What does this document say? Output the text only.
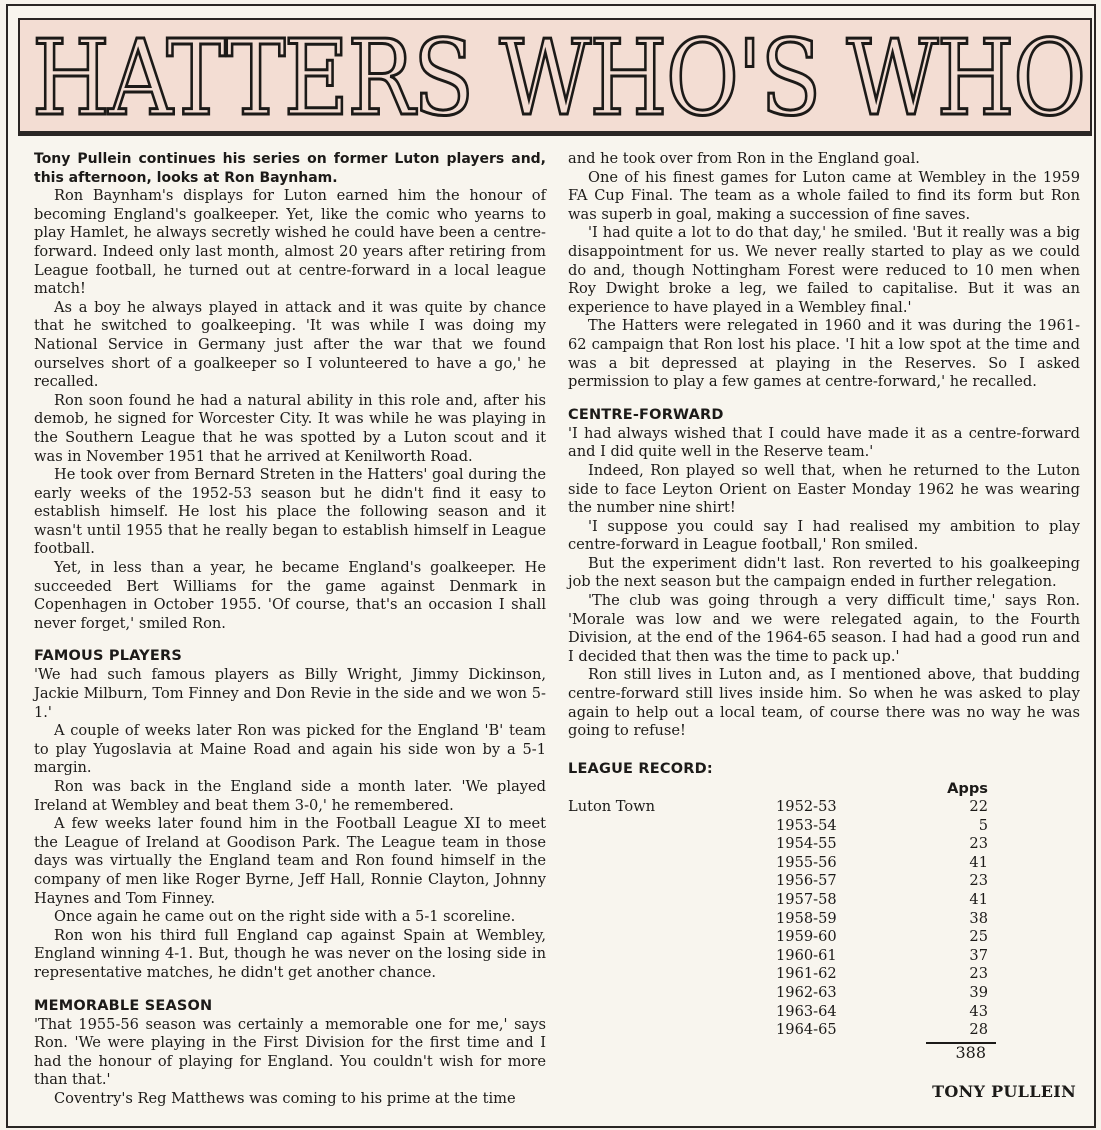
HATTERS WHO'S WHO

Tony Pullein continues his series on former Luton players and, this afternoon, looks at Ron Baynham.

Ron Baynham's displays for Luton earned him the honour of becoming England's goalkeeper. Yet, like the comic who yearns to play Hamlet, he always secretly wished he could have been a centre-forward. Indeed only last month, almost 20 years after retiring from League football, he turned out at centre-forward in a local league match!

As a boy he always played in attack and it was quite by chance that he switched to goalkeeping. 'It was while I was doing my National Service in Germany just after the war that we found ourselves short of a goalkeeper so I volunteered to have a go,' he recalled.

Ron soon found he had a natural ability in this role and, after his demob, he signed for Worcester City. It was while he was playing in the Southern League that he was spotted by a Luton scout and it was in November 1951 that he arrived at Kenilworth Road.

He took over from Bernard Streten in the Hatters' goal during the early weeks of the 1952-53 season but he didn't find it easy to establish himself. He lost his place the following season and it wasn't until 1955 that he really began to establish himself in League football.

Yet, in less than a year, he became England's goalkeeper. He succeeded Bert Williams for the game against Denmark in Copenhagen in October 1955. 'Of course, that's an occasion I shall never forget,' smiled Ron.

FAMOUS PLAYERS

'We had such famous players as Billy Wright, Jimmy Dickinson, Jackie Milburn, Tom Finney and Don Revie in the side and we won 5-1.'

A couple of weeks later Ron was picked for the England 'B' team to play Yugoslavia at Maine Road and again his side won by a 5-1 margin.

Ron was back in the England side a month later. 'We played Ireland at Wembley and beat them 3-0,' he remembered.

A few weeks later found him in the Football League XI to meet the League of Ireland at Goodison Park. The League team in those days was virtually the England team and Ron found himself in the company of men like Roger Byrne, Jeff Hall, Ronnie Clayton, Johnny Haynes and Tom Finney.

Once again he came out on the right side with a 5-1 scoreline.

Ron won his third full England cap against Spain at Wembley, England winning 4-1. But, though he was never on the losing side in representative matches, he didn't get another chance.

MEMORABLE SEASON

'That 1955-56 season was certainly a memorable one for me,' says Ron. 'We were playing in the First Division for the first time and I had the honour of playing for England. You couldn't wish for more than that.'

Coventry's Reg Matthews was coming to his prime at the time

and he took over from Ron in the England goal.

One of his finest games for Luton came at Wembley in the 1959 FA Cup Final. The team as a whole failed to find its form but Ron was superb in goal, making a succession of fine saves.

'I had quite a lot to do that day,' he smiled. 'But it really was a big disappointment for us. We never really started to play as we could do and, though Nottingham Forest were reduced to 10 men when Roy Dwight broke a leg, we failed to capitalise. But it was an experience to have played in a Wembley final.'

The Hatters were relegated in 1960 and it was during the 1961-62 campaign that Ron lost his place. 'I hit a low spot at the time and was a bit depressed at playing in the Reserves. So I asked permission to play a few games at centre-forward,' he recalled.

CENTRE-FORWARD

'I had always wished that I could have made it as a centre-forward and I did quite well in the Reserve team.'

Indeed, Ron played so well that, when he returned to the Luton side to face Leyton Orient on Easter Monday 1962 he was wearing the number nine shirt!

'I suppose you could say I had realised my ambition to play centre-forward in League football,' Ron smiled.

But the experiment didn't last. Ron reverted to his goalkeeping job the next season but the campaign ended in further relegation.

'The club was going through a very difficult time,' says Ron. 'Morale was low and we were relegated again, to the Fourth Division, at the end of the 1964-65 season. I had had a good run and I decided that then was the time to pack up.'

Ron still lives in Luton and, as I mentioned above, that budding centre-forward still lives inside him. So when he was asked to play again to help out a local team, of course there was no way he was going to refuse!

LEAGUE RECORD:
Apps
Luton Town	1952-53	22
1953-54	5
1954-55	23
1955-56	41
1956-57	23
1957-58	41
1958-59	38
1959-60	25
1960-61	37
1961-62	23
1962-63	39
1963-64	43
1964-65	28
388
TONY PULLEIN
